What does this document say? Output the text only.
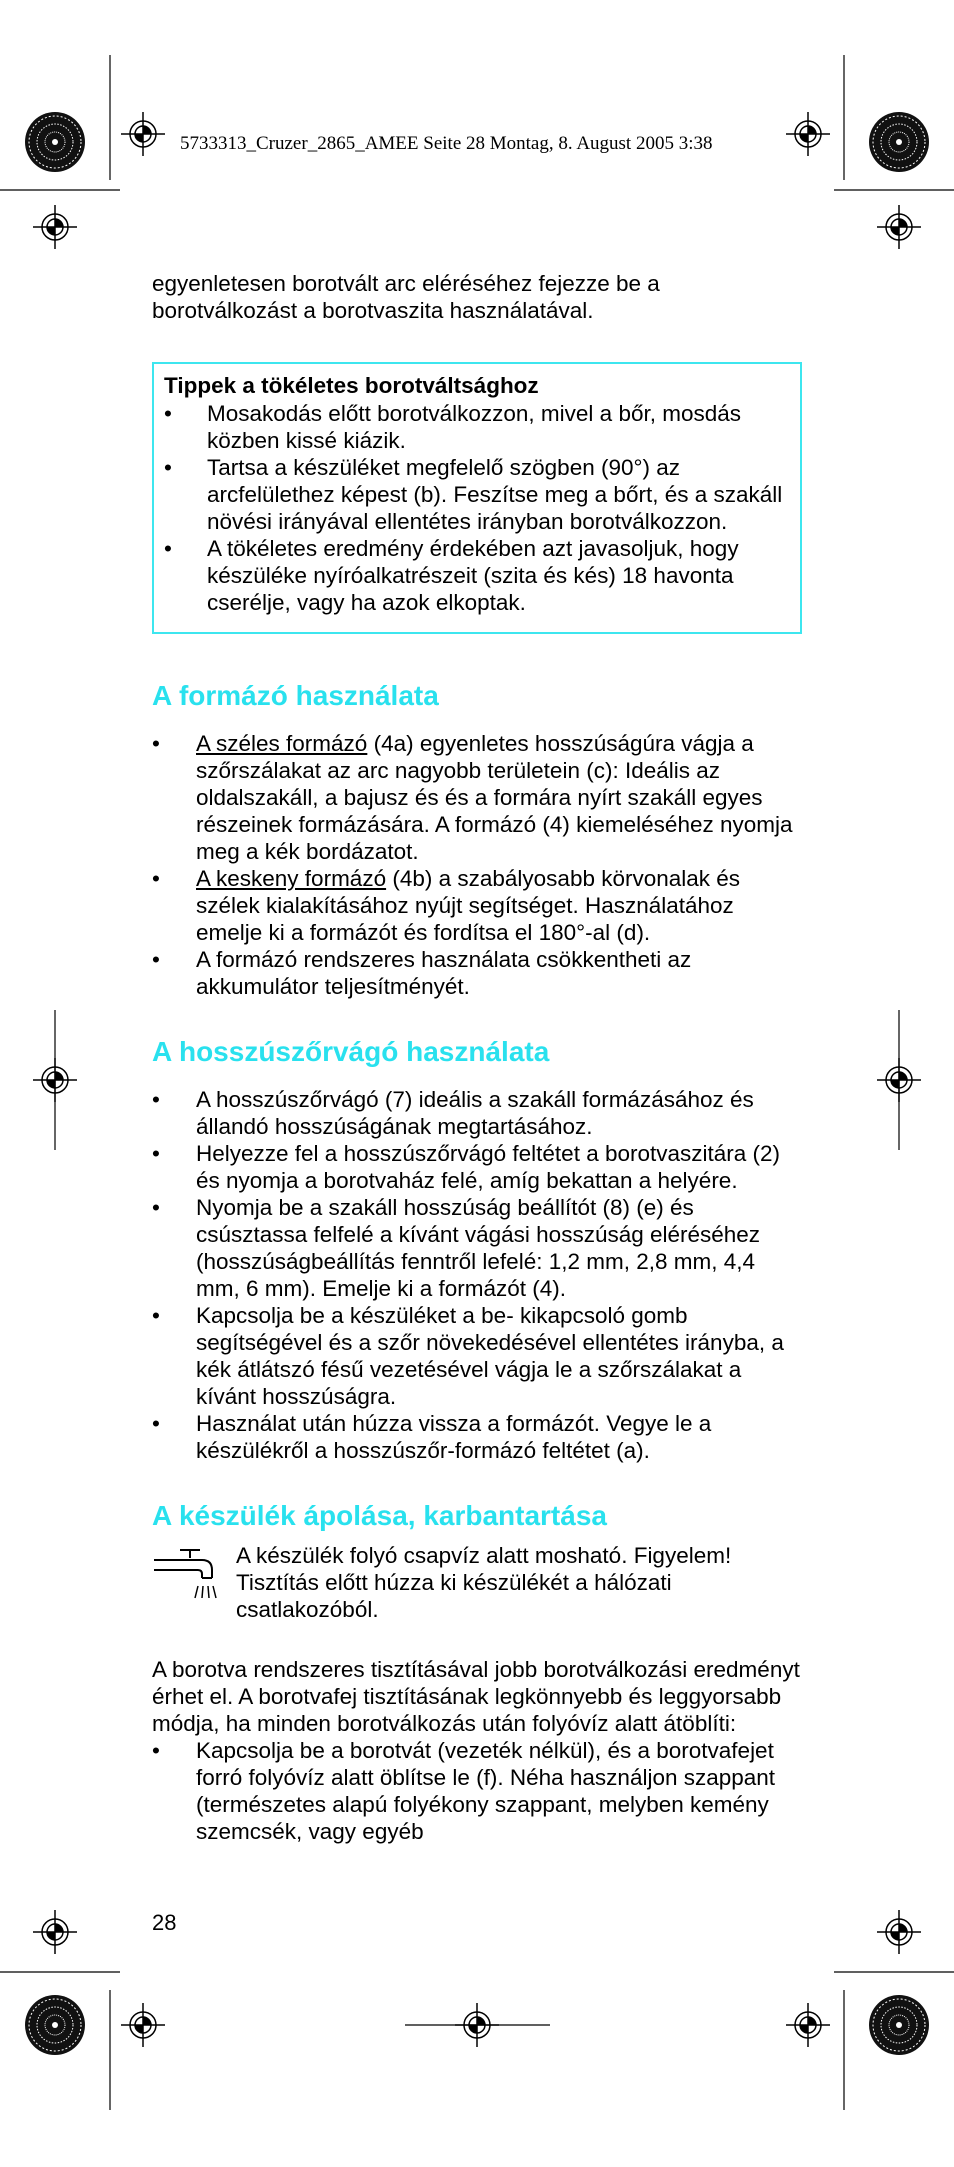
5733313_Cruzer_2865_AMEE Seite 28 Montag, 8. August 2005 3:38

egyenletesen borotvált arc eléréséhez fejezze be a borotválkozást a borotvaszita használatával.

Tippek a tökéletes borotváltsághoz
• Mosakodás előtt borotválkozzon, mivel a bőr, mosdás közben kissé kiázik.
• Tartsa a készüléket megfelelő szögben (90°) az arcfelülethez képest (b). Feszítse meg a bőrt, és a szakáll növési irányával ellentétes irányban borotválkozzon.
• A tökéletes eredmény érdekében azt javasoljuk, hogy készüléke nyíróalkatrészeit (szita és kés) 18 havonta cserélje, vagy ha azok elkoptak.
A formázó használata
• A széles formázó (4a) egyenletes hosszúságúra vágja a szőrszálakat az arc nagyobb területein (c): Ideális az oldalszakáll, a bajusz és és a formára nyírt szakáll egyes részeinek formázására. A formázó (4) kiemeléséhez nyomja meg a kék bordázatot.
• A keskeny formázó (4b) a szabályosabb körvonalak és szélek kialakításához nyújt segítséget. Használatához emelje ki a formázót és fordítsa el 180°-al (d).
• A formázó rendszeres használata csökkentheti az akkumulátor teljesítményét.
A hosszúszőrvágó használata
• A hosszúszőrvágó (7) ideális a szakáll formázásához és állandó hosszúságának megtartásához.
• Helyezze fel a hosszúszőrvágó feltétet a borotvaszitára (2) és nyomja a borotvaház felé, amíg bekattan a helyére.
• Nyomja be a szakáll hosszúság beállítót (8) (e) és csúsztassa felfelé a kívánt vágási hosszúság eléréséhez (hosszúságbeállítás fenntről lefelé: 1,2 mm, 2,8 mm, 4,4 mm, 6 mm). Emelje ki a formázót (4).
• Kapcsolja be a készüléket a be- kikapcsoló gomb segítségével és a szőr növekedésével ellentétes irányba, a kék átlátszó fésű vezetésével vágja le a szőrszálakat a kívánt hosszúságra.
• Használat után húzza vissza a formázót. Vegye le a készülékről a hosszúszőr-formázó feltétet (a).
A készülék ápolása, karbantartása
A készülék folyó csapvíz alatt mosható. Figyelem! Tisztítás előtt húzza ki készülékét a hálózati csatlakozóból.

A borotva rendszeres tisztításával jobb borotválkozási eredményt érhet el. A borotvafej tisztításának legkönnyebb és leggyorsabb módja, ha minden borotválkozás után folyóvíz alatt átöblíti:

• Kapcsolja be a borotvát (vezeték nélkül), és a borotvafejet forró folyóvíz alatt öblítse le (f). Néha használjon szappant (természetes alapú folyékony szappant, melyben kemény szemcsék, vagy egyéb
28
